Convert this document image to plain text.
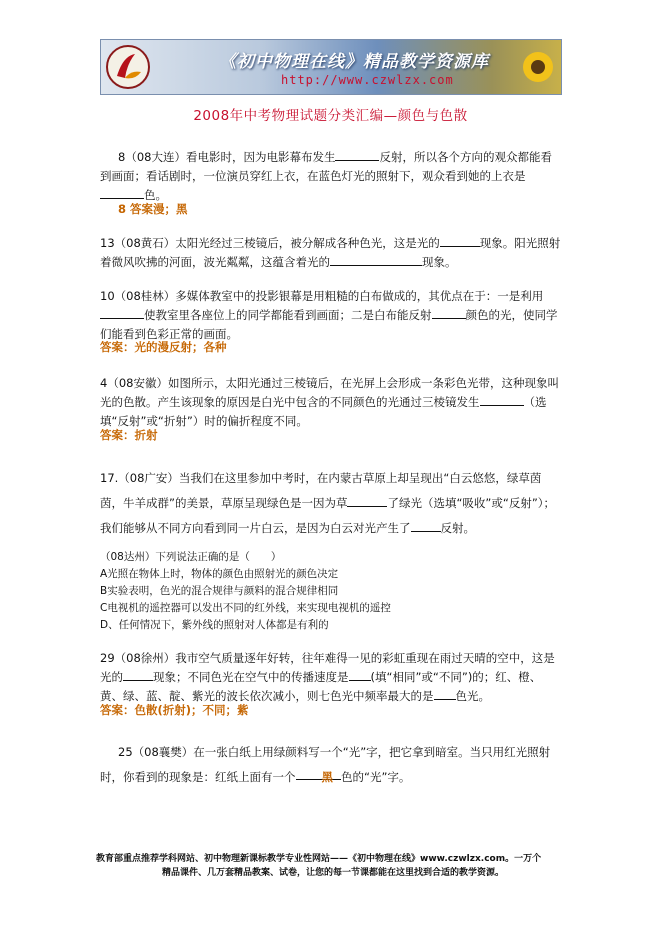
《初中物理在线》精品教学资源库
http://www.czwlzx.com
2008年中考物理试题分类汇编—颜色与色散

8（08大连）看电影时，因为电影幕布发生	反射，所以各个方向的观众都能看到画面；看话剧时，一位演员穿红上衣，在蓝色灯光的照射下，观众看到她的上衣是色。

8 答案漫；黑

13（08黄石）太阳光经过三棱镜后，被分解成各种色光，这是光的	现象。阳光照射着微风吹拂的河面，波光粼粼，这蕴含着光的	现象。

10（08桂林）多媒体教室中的投影银幕是用粗糙的白布做成的，其优点在于：一是利用使教室里各座位上的同学都能看到画面；二是白布能反射	颜色的光，使同学们能看到色彩正常的画面。

答案：光的漫反射；各种

4（08安徽）如图所示，太阳光通过三棱镜后，在光屏上会形成一条彩色光带，这种现象叫光的色散。产生该现象的原因是白光中包含的不同颜色的光通过三棱镜发生	（选填“反射”或“折射”）时的偏折程度不同。

答案：折射

17.（08广安）当我们在这里参加中考时，在内蒙古草原上却呈现出“白云悠悠，绿草茵茵，牛羊成群”的美景，草原呈现绿色是一因为草	了绿光（选填“吸收”或“反射”）；我们能够从不同方向看到同一片白云，是因为白云对光产生了	反射。

（08达州）下列说法正确的是（　　）
A光照在物体上时，物体的颜色由照射光的颜色决定
B实验表明，色光的混合规律与颜料的混合规律相同
C电视机的遥控器可以发出不同的红外线，来实现电视机的遥控
D、任何情况下，紫外线的照射对人体都是有利的

29（08徐州）我市空气质量逐年好转，往年难得一见的彩虹重现在雨过天晴的空中，这是光的	现象；不同色光在空气中的传播速度是 (填“相同”或“不同”)的；红、橙、黄、绿、蓝、靛、紫光的波长依次减小，则七色光中频率最大的是 色光。

答案：色散(折射)；不同；紫

25（08襄樊）在一张白纸上用绿颜料写一个“光”字，把它拿到暗室。当只用红光照射时，你看到的现象是：红纸上面有一个 黑 色的“光”字。

教育部重点推荐学科网站、初中物理新课标教学专业性网站——《初中物理在线》www.czwlzx.com。一万个
精品课件、几万套精品教案、试卷，让您的每一节课都能在这里找到合适的教学资源。
